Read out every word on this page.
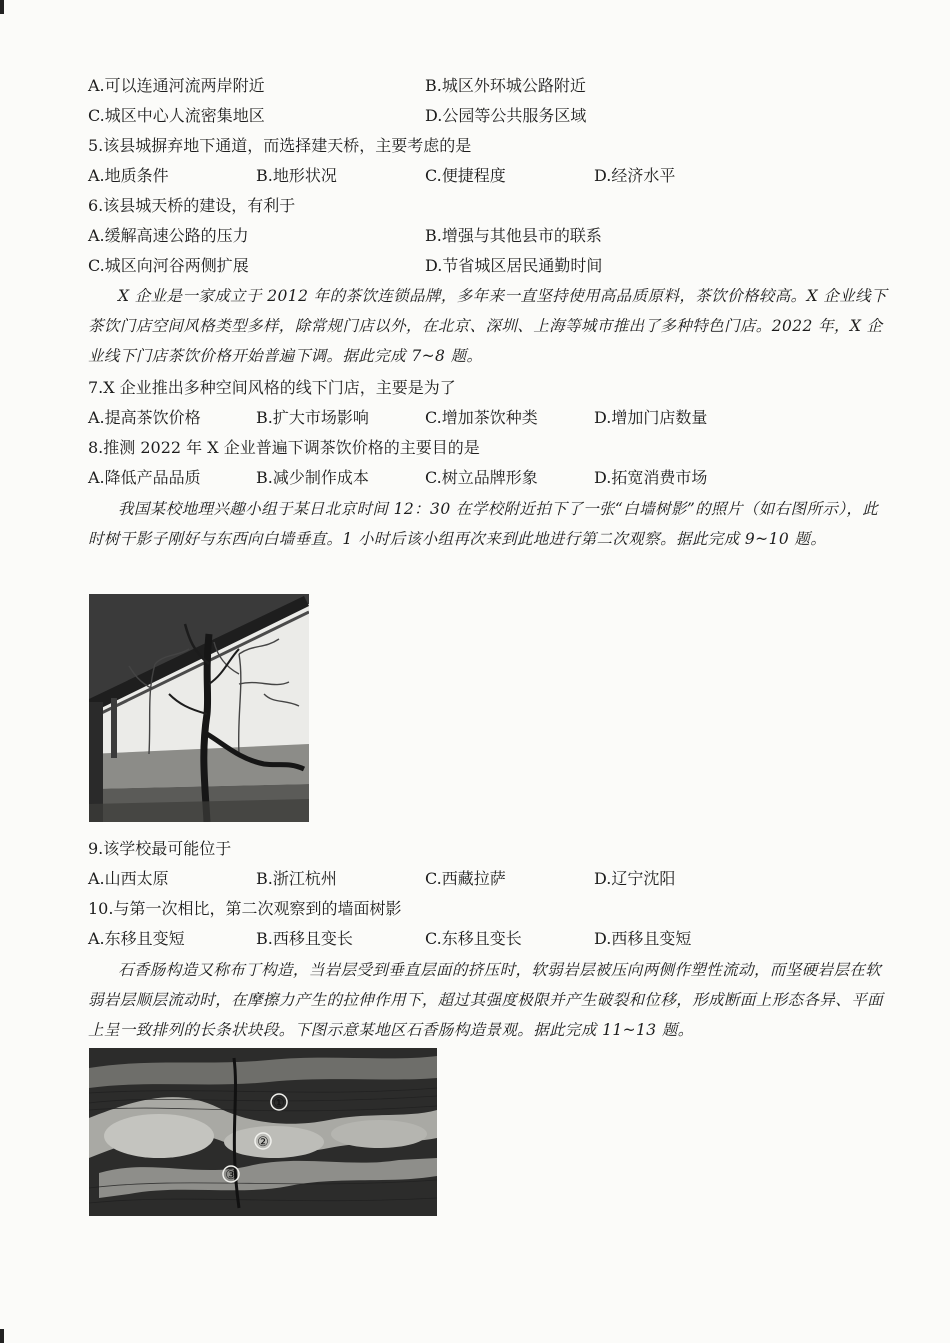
A.可以连通河流两岸附近	B.城区外环城公路附近
C.城区中心人流密集地区	D.公园等公共服务区域
5.该县城摒弃地下通道，而选择建天桥，主要考虑的是
A.地质条件	B.地形状况	C.便捷程度	D.经济水平
6.该县城天桥的建设，有利于
A.缓解高速公路的压力	B.增强与其他县市的联系
C.城区向河谷两侧扩展	D.节省城区居民通勤时间

X 企业是一家成立于 2012 年的茶饮连锁品牌，多年来一直坚持使用高品质原料，茶饮价格较高。X 企业线下茶饮门店空间风格类型多样，除常规门店以外，在北京、深圳、上海等城市推出了多种特色门店。2022 年，X 企业线下门店茶饮价格开始普遍下调。据此完成 7~8 题。

7.X 企业推出多种空间风格的线下门店，主要是为了
A.提高茶饮价格	B.扩大市场影响	C.增加茶饮种类	D.增加门店数量
8.推测 2022 年 X 企业普遍下调茶饮价格的主要目的是
A.降低产品品质	B.减少制作成本	C.树立品牌形象	D.拓宽消费市场

我国某校地理兴趣小组于某日北京时间 12：30 在学校附近拍下了一张“白墙树影”的照片（如右图所示），此时树干影子刚好与东西向白墙垂直。1 小时后该小组再次来到此地进行第二次观察。据此完成 9~10 题。

9.该学校最可能位于
A.山西太原	B.浙江杭州	C.西藏拉萨	D.辽宁沈阳
10.与第一次相比，第二次观察到的墙面树影
A.东移且变短	B.西移且变长	C.东移且变长	D.西移且变短

石香肠构造又称布丁构造，当岩层受到垂直层面的挤压时，软弱岩层被压向两侧作塑性流动，而坚硬岩层在软弱岩层顺层流动时，在摩擦力产生的拉伸作用下，超过其强度极限并产生破裂和位移，形成断面上形态各异、平面上呈一致排列的长条状块段。下图示意某地区石香肠构造景观。据此完成 11~13 题。

①
②
③
